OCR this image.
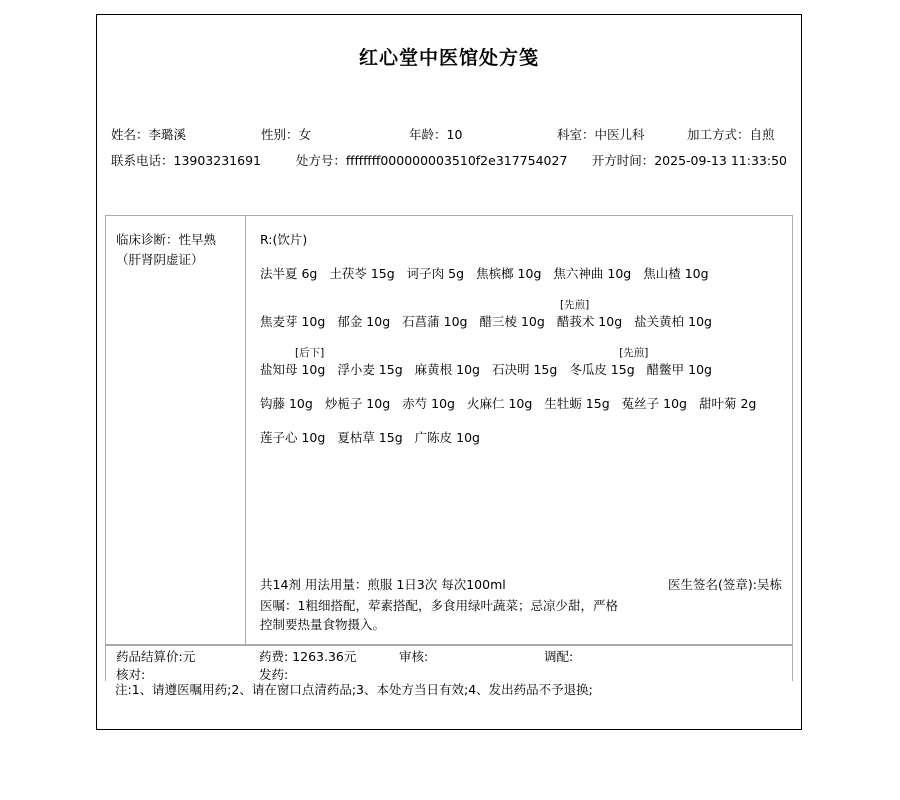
红心堂中医馆处方笺
姓名：李璐溪	性别：女	年龄：10	科室：中医儿科	加工方式：自煎
联系电话：13903231691	处方号：ffffffff000000003510f2e317754027	开方时间：2025-09-13 11:33:50
临床诊断：性早熟
（肝肾阴虚证）
R:(饮片)
法半夏 6g 土茯苓 15g 诃子肉 5g 焦槟榔 10g 焦六神曲 10g 焦山楂 10g
[先煎]
焦麦芽 10g 郁金 10g 石菖蒲 10g 醋三棱 10g 醋莪术 10g 盐关黄柏 10g
[后下]	[先煎]
盐知母 10g 浮小麦 15g 麻黄根 10g 石决明 15g 冬瓜皮 15g 醋鳖甲 10g
钩藤 10g 炒栀子 10g 赤芍 10g 火麻仁 10g 生牡蛎 15g 菟丝子 10g 甜叶菊 2g
莲子心 10g 夏枯草 15g 广陈皮 10g
共14剂 用法用量：煎服 1日3次 每次100ml	医生签名(签章):吴栋
医嘱：1粗细搭配，荤素搭配，多食用绿叶蔬菜；忌凉少甜，严格
控制要热量食物摄入。
药品结算价:元	药费: 1263.36元	审核:	调配:
核对:	发药:
注:1、请遵医嘱用药;2、请在窗口点清药品;3、本处方当日有效;4、发出药品不予退换;
